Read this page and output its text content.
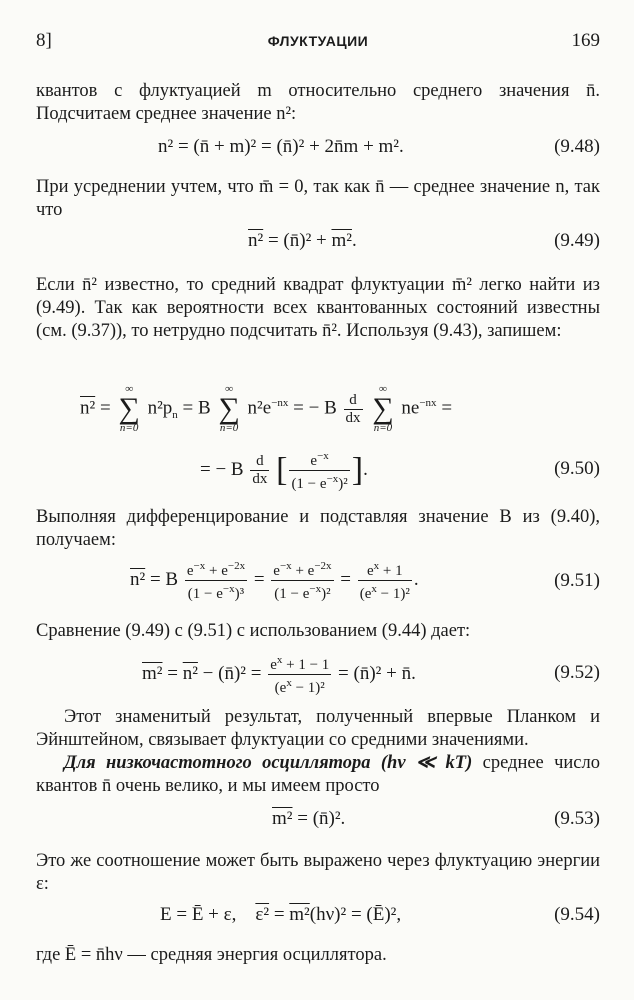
8]	ФЛУКТУАЦИИ	169
квантов с флуктуацией m относительно среднего значения n̄. Подсчитаем среднее значение n²:
n² = (n̄ + m)² = (n̄)² + 2n̄m + m².	(9.48)
При усреднении учтем, что m̄ = 0, так как n̄ — среднее значение n, так что
n² = (n̄)² + m².	(9.49)
Если n̄² известно, то средний квадрат флуктуации m̄² легко найти из (9.49). Так как вероятности всех квантованных состояний известны (см. (9.37)), то нетрудно подсчитать n̄². Используя (9.43), запишем:
n² =
∞
∑
n=0
$n^2p_n = B$
∞
∑
n=0
$n^2e^{-nx}$ = − B $\frac{d}{dx}$

∞
∑
n=0
$ne^{-nx}$ =
= − B $\frac{d}{dx}$ [ $\frac{e^{-x}}{(1 - e^{-x})^2}$ ].	(9.50)
Выполняя дифференцирование и подставляя значение B из (9.40), получаем:
n² = B $\frac{e^{-x} + e^{-2x}}{(1 - e^{-x})^3} = \frac{e^{-x} + e^{-2x}}{(1 - e^{-x})^2} = \frac{e^x + 1}{(e^x - 1)^2}$ .	(9.51)
Сравнение (9.49) с (9.51) с использованием (9.44) дает:
m² = n² − (n̄)² = $\frac{e^x + 1 - 1}{(e^x - 1)^2}$ = (n̄)² + n̄.	(9.52)
Этот знаменитый результат, полученный впервые Планком и Эйнштейном, связывает флуктуации со средними значениями.
Для низкочастотного осциллятора (hν ≪ kT) среднее число квантов n̄ очень велико, и мы имеем просто
m² = (n̄)².	(9.53)
Это же соотношение может быть выражено через флуктуацию энергии ε:
E = Ē + ε,    ε² = m²(hν)² = (Ē)²,	(9.54)
где Ē = n̄hν — средняя энергия осциллятора.
